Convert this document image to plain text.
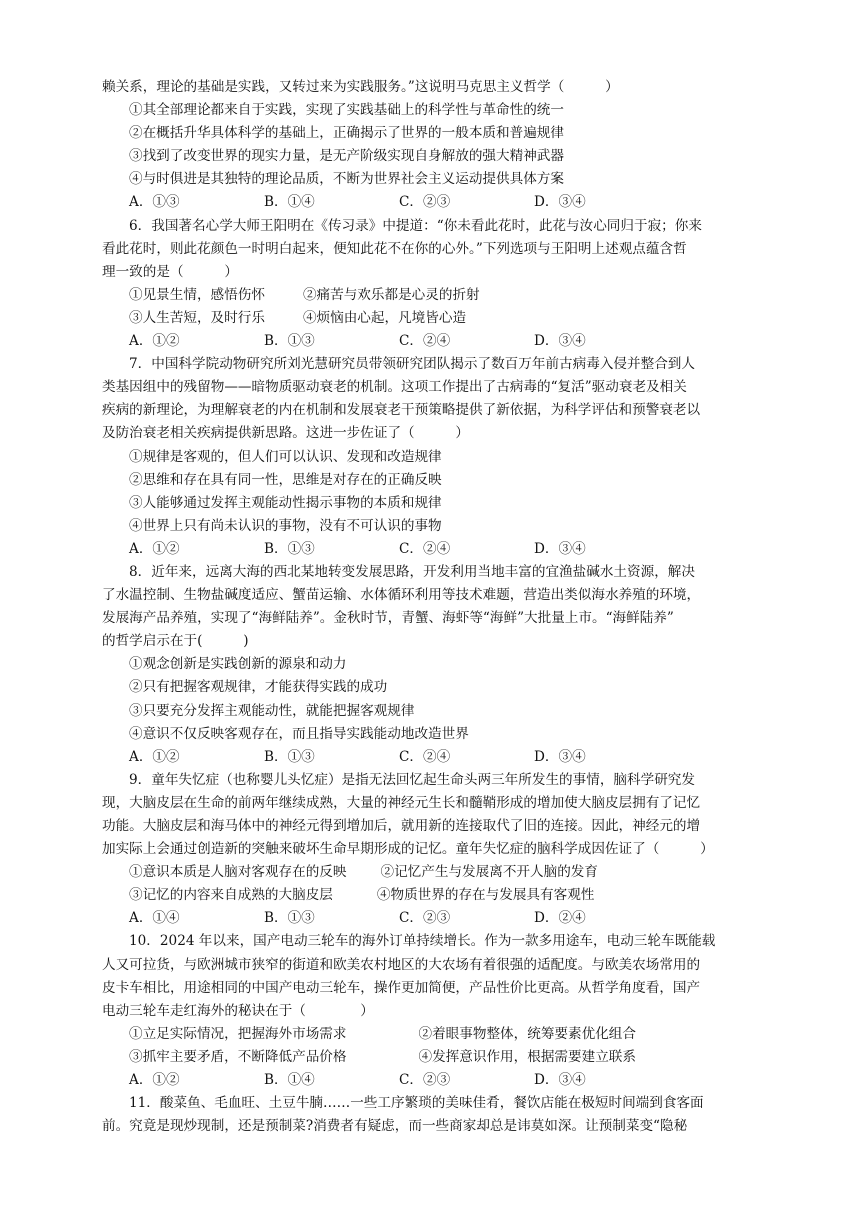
赖关系，理论的基础是实践，又转过来为实践服务。”这说明马克思主义哲学（　　　）
①其全部理论都来自于实践，实现了实践基础上的科学性与革命性的统一
②在概括升华具体科学的基础上，正确揭示了世界的一般本质和普遍规律
③找到了改变世界的现实力量，是无产阶级实现自身解放的强大精神武器
④与时俱进是其独特的理论品质，不断为世界社会主义运动提供具体方案
A．①③	B．①④	C．②③	D．③④
6．我国著名心学大师王阳明在《传习录》中提道：“你未看此花时，此花与汝心同归于寂；你来
看此花时，则此花颜色一时明白起来，便知此花不在你的心外。”下列选项与王阳明上述观点蕴含哲
理一致的是（　　　）
①见景生情，感悟伤怀	②痛苦与欢乐都是心灵的折射
③人生苦短，及时行乐	④烦恼由心起，凡境皆心造
A．①②	B．①③	C．②④	D．③④
7．中国科学院动物研究所刘光慧研究员带领研究团队揭示了数百万年前古病毒入侵并整合到人
类基因组中的残留物——暗物质驱动衰老的机制。这项工作提出了古病毒的“复活”驱动衰老及相关
疾病的新理论，为理解衰老的内在机制和发展衰老干预策略提供了新依据，为科学评估和预警衰老以
及防治衰老相关疾病提供新思路。这进一步佐证了（　　　）
①规律是客观的，但人们可以认识、发现和改造规律
②思维和存在具有同一性，思维是对存在的正确反映
③人能够通过发挥主观能动性揭示事物的本质和规律
④世界上只有尚未认识的事物，没有不可认识的事物
A．①②	B．①③	C．②④	D．③④
8．近年来，远离大海的西北某地转变发展思路，开发利用当地丰富的宜渔盐碱水土资源，解决
了水温控制、生物盐碱度适应、蟹苗运输、水体循环利用等技术难题，营造出类似海水养殖的环境，
发展海产品养殖，实现了“海鲜陆养”。金秋时节，青蟹、海虾等“海鲜”大批量上市。“海鲜陆养”
的哲学启示在于(　　　)
①观念创新是实践创新的源泉和动力
②只有把握客观规律，才能获得实践的成功
③只要充分发挥主观能动性，就能把握客观规律
④意识不仅反映客观存在，而且指导实践能动地改造世界
A．①②	B．①③	C．②④	D．③④
9．童年失忆症（也称婴儿头忆症）是指无法回忆起生命头两三年所发生的事情，脑科学研究发
现，大脑皮层在生命的前两年继续成熟，大量的神经元生长和髓鞘形成的增加使大脑皮层拥有了记忆
功能。大脑皮层和海马体中的神经元得到增加后，就用新的连接取代了旧的连接。因此，神经元的增
加实际上会通过创造新的突触来破坏生命早期形成的记忆。童年失忆症的脑科学成因佐证了（　　　）
①意识本质是人脑对客观存在的反映	②记忆产生与发展离不开人脑的发育
③记忆的内容来自成熟的大脑皮层	④物质世界的存在与发展具有客观性
A．①④	B．①③	C．②③	D．②④
10．2024 年以来，国产电动三轮车的海外订单持续增长。作为一款多用途车，电动三轮车既能载
人又可拉货，与欧洲城市狭窄的街道和欧美农村地区的大农场有着很强的适配度。与欧美农场常用的
皮卡车相比，用途相同的中国产电动三轮车，操作更加简便，产品性价比更高。从哲学角度看，国产
电动三轮车走红海外的秘诀在于（　　　　）
①立足实际情况，把握海外市场需求	②着眼事物整体，统筹要素优化组合
③抓牢主要矛盾，不断降低产品价格	④发挥意识作用，根据需要建立联系
A．①②	B．①④	C．②③	D．③④
11．酸菜鱼、毛血旺、土豆牛腩……一些工序繁琐的美味佳肴，餐饮店能在极短时间端到食客面
前。究竟是现炒现制，还是预制菜?消费者有疑虑，而一些商家却总是讳莫如深。让预制菜变“隐秘
